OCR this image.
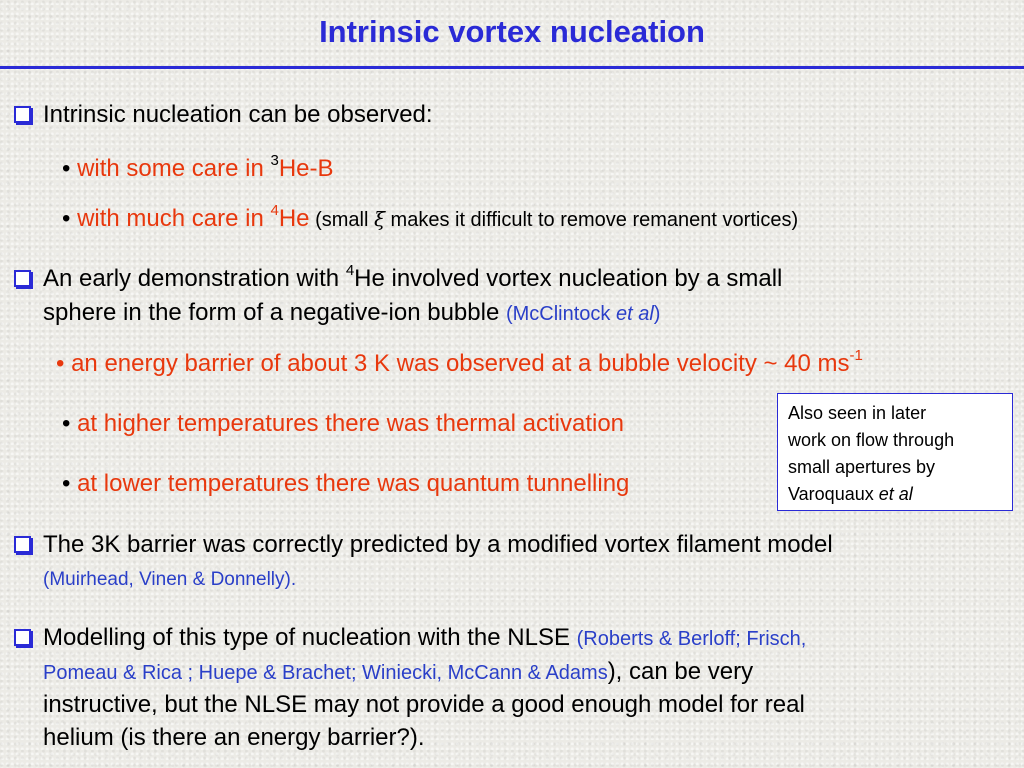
Intrinsic vortex nucleation
Intrinsic nucleation can be observed:
• with some care in $^3$He-B
• with much care in $^4$He (small ξ makes it difficult to remove remanent vortices)
An early demonstration with $^4$He involved vortex nucleation by a small
sphere in the form of a negative-ion bubble (McClintock et al)
• an energy barrier of about 3 K was observed at a bubble velocity ~ 40 $ms^{-1}$
• at higher temperatures there was thermal activation
• at lower temperatures there was quantum tunnelling
Also seen in later
work on flow through
small apertures by
Varoquaux et al
The 3K barrier was correctly predicted by a modified vortex filament model
(Muirhead, Vinen & Donnelly).
Modelling of this type of nucleation with the NLSE (Roberts & Berloff; Frisch,
Pomeau & Rica ; Huepe & Brachet; Winiecki, McCann & Adams), can be very
instructive, but the NLSE may not provide a good enough model for real
helium (is there an energy barrier?).
